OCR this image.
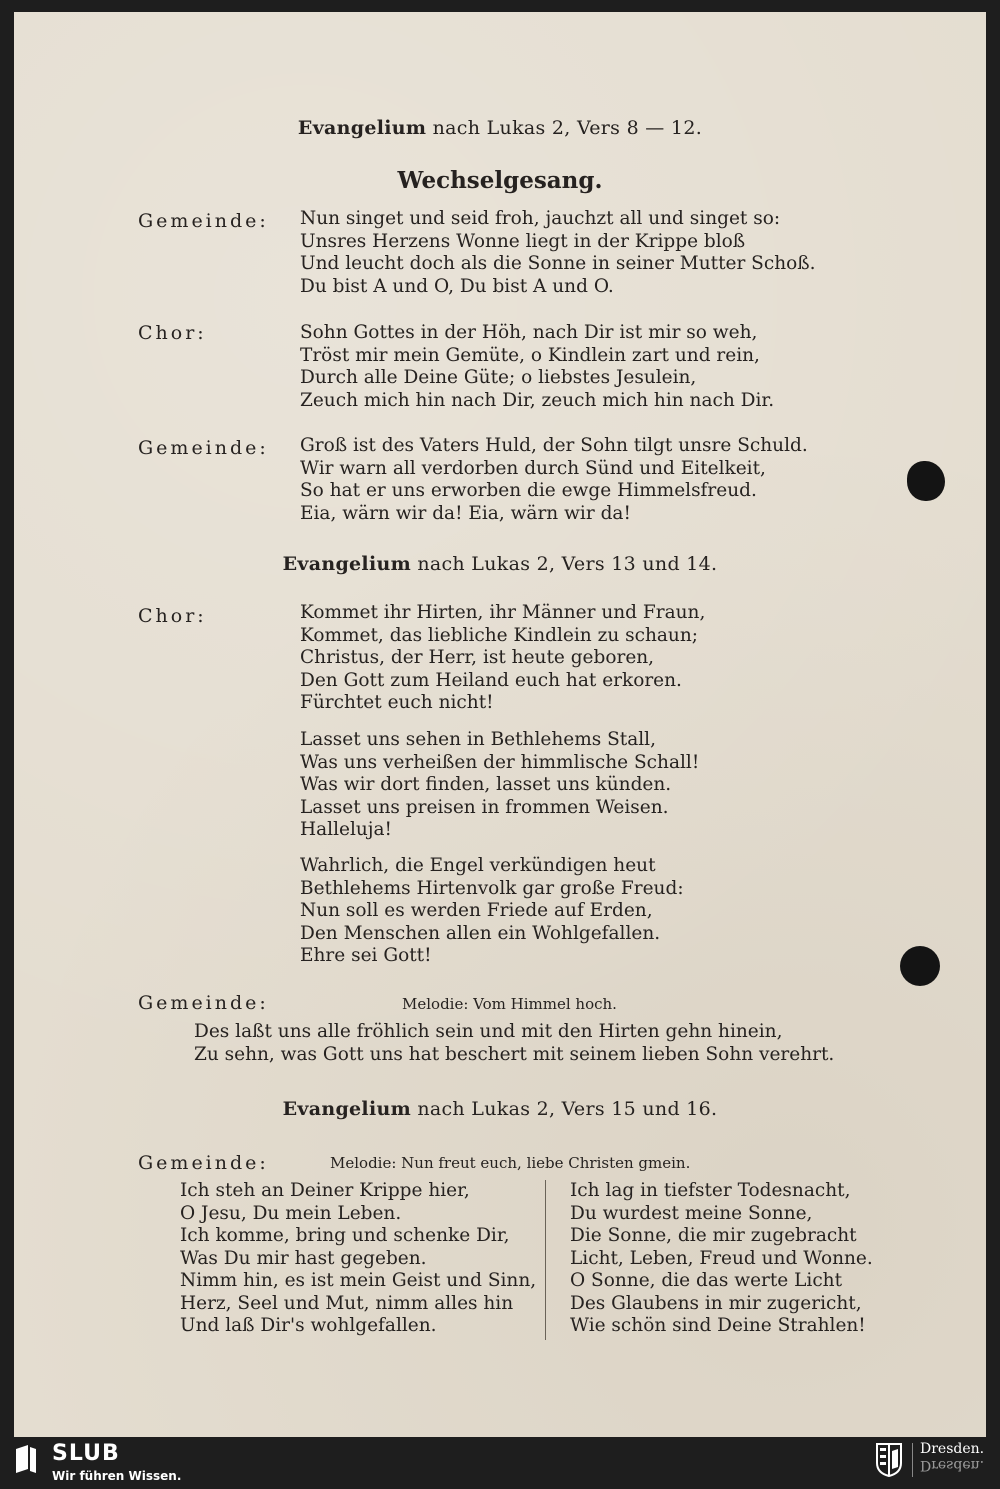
Evangelium nach Lukas 2, Vers 8 — 12.
Wechselgesang.
Gemeinde: Nun singet und seid froh, jauchzt all und singet so:
Unsres Herzens Wonne liegt in der Krippe bloß
Und leucht doch als die Sonne in seiner Mutter Schoß.
Du bist A und O, Du bist A und O.
Chor:	Sohn Gottes in der Höh, nach Dir ist mir so weh,
Tröst mir mein Gemüte, o Kindlein zart und rein,
Durch alle Deine Güte; o liebstes Jesulein,
Zeuch mich hin nach Dir, zeuch mich hin nach Dir.
Gemeinde: Groß ist des Vaters Huld, der Sohn tilgt unsre Schuld.
Wir warn all verdorben durch Sünd und Eitelkeit,
So hat er uns erworben die ewge Himmelsfreud.
Eia, wärn wir da! Eia, wärn wir da!
Evangelium nach Lukas 2, Vers 13 und 14.
Chor:	Kommet ihr Hirten, ihr Männer und Fraun,
Kommet, das liebliche Kindlein zu schaun;
Christus, der Herr, ist heute geboren,
Den Gott zum Heiland euch hat erkoren.
Fürchtet euch nicht!
Lasset uns sehen in Bethlehems Stall,
Was uns verheißen der himmlische Schall!
Was wir dort finden, lasset uns künden.
Lasset uns preisen in frommen Weisen.
Halleluja!
Wahrlich, die Engel verkündigen heut
Bethlehems Hirtenvolk gar große Freud:
Nun soll es werden Friede auf Erden,
Den Menschen allen ein Wohlgefallen.
Ehre sei Gott!
Gemeinde:	Melodie: Vom Himmel hoch.
Des laßt uns alle fröhlich sein und mit den Hirten gehn hinein,
Zu sehn, was Gott uns hat beschert mit seinem lieben Sohn verehrt.
Evangelium nach Lukas 2, Vers 15 und 16.
Gemeinde:	Melodie: Nun freut euch, liebe Christen gmein.
Ich steh an Deiner Krippe hier,
O Jesu, Du mein Leben.
Ich komme, bring und schenke Dir,
Was Du mir hast gegeben.
Nimm hin, es ist mein Geist und Sinn,
Herz, Seel und Mut, nimm alles hin
Und laß Dir's wohlgefallen.
Ich lag in tiefster Todesnacht,
Du wurdest meine Sonne,
Die Sonne, die mir zugebracht
Licht, Leben, Freud und Wonne.
O Sonne, die das werte Licht
Des Glaubens in mir zugericht,
Wie schön sind Deine Strahlen!
SLUB
Wir führen Wissen.
Dresden.
Dresden.
